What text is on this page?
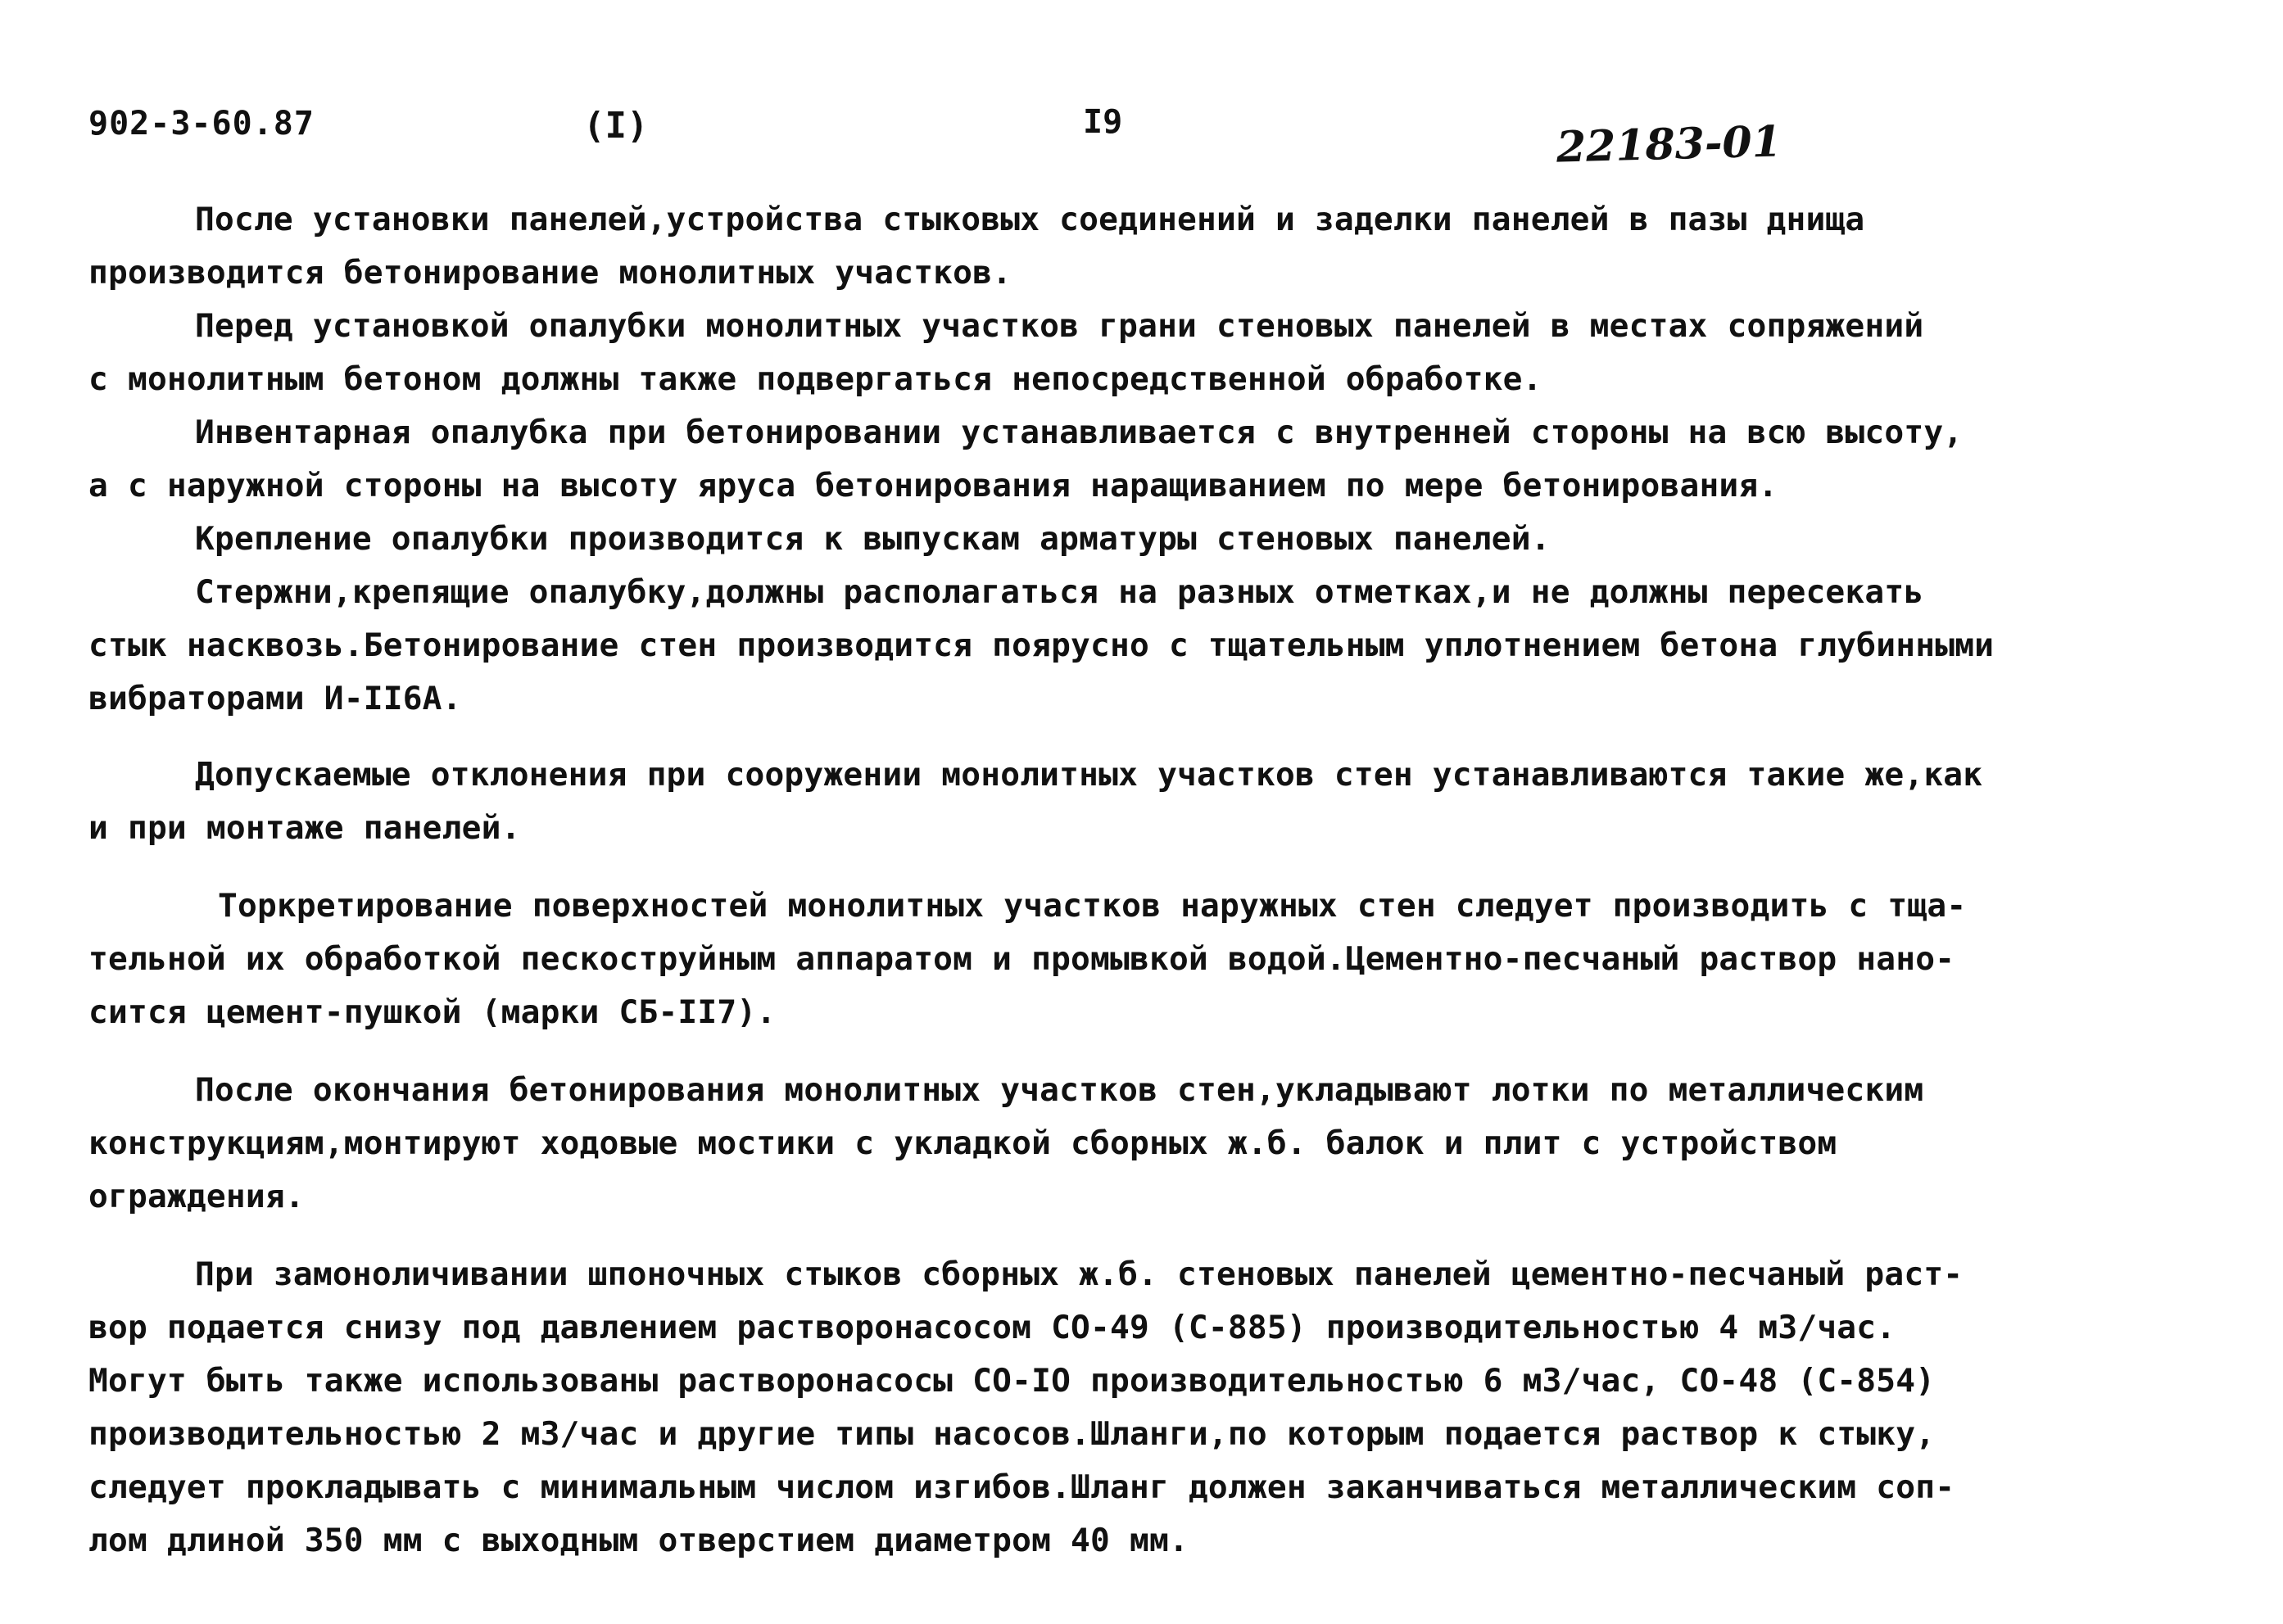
902-3-60.87	(I)	I9	22183-01

После установки панелей,устройства стыковых соединений и заделки панелей в пазы днища
производится бетонирование монолитных участков.

Перед установкой опалубки монолитных участков грани стеновых панелей в местах сопряжений
с монолитным бетоном должны также подвергаться непосредственной обработке.

Инвентарная опалубка при бетонировании устанавливается с внутренней стороны на всю высоту,
а с наружной стороны на высоту яруса бетонирования наращиванием по мере бетонирования.

Крепление опалубки производится к выпускам арматуры стеновых панелей.

Стержни,крепящие опалубку,должны располагаться на разных отметках,и не должны пересекать
стык насквозь.Бетонирование стен производится поярусно с тщательным уплотнением бетона глубинными
вибраторами И-II6А.

Допускаемые отклонения при сооружении монолитных участков стен устанавливаются такие же,как
и при монтаже панелей.

Торкретирование поверхностей монолитных участков наружных стен следует производить с тща-
тельной их обработкой пескоструйным аппаратом и промывкой водой.Цементно-песчаный раствор нано-
сится цемент-пушкой (марки СБ-II7).

После окончания бетонирования монолитных участков стен,укладывают лотки по металлическим
конструкциям,монтируют ходовые мостики с укладкой сборных ж.б. балок и плит с устройством
ограждения.

При замоноличивании шпоночных стыков сборных ж.б. стеновых панелей цементно-песчаный раст-
вор подается снизу под давлением растворонасосом СО-49 (С-885) производительностью 4 м3/час.
Могут быть также использованы растворонасосы СО-IO производительностью 6 м3/час, СО-48 (С-854)
производительностью 2 м3/час и другие типы насосов.Шланги,по которым подается раствор к стыку,
следует прокладывать с минимальным числом изгибов.Шланг должен заканчиваться металлическим соп-
лом длиной 350 мм с выходным отверстием диаметром 40 мм.
